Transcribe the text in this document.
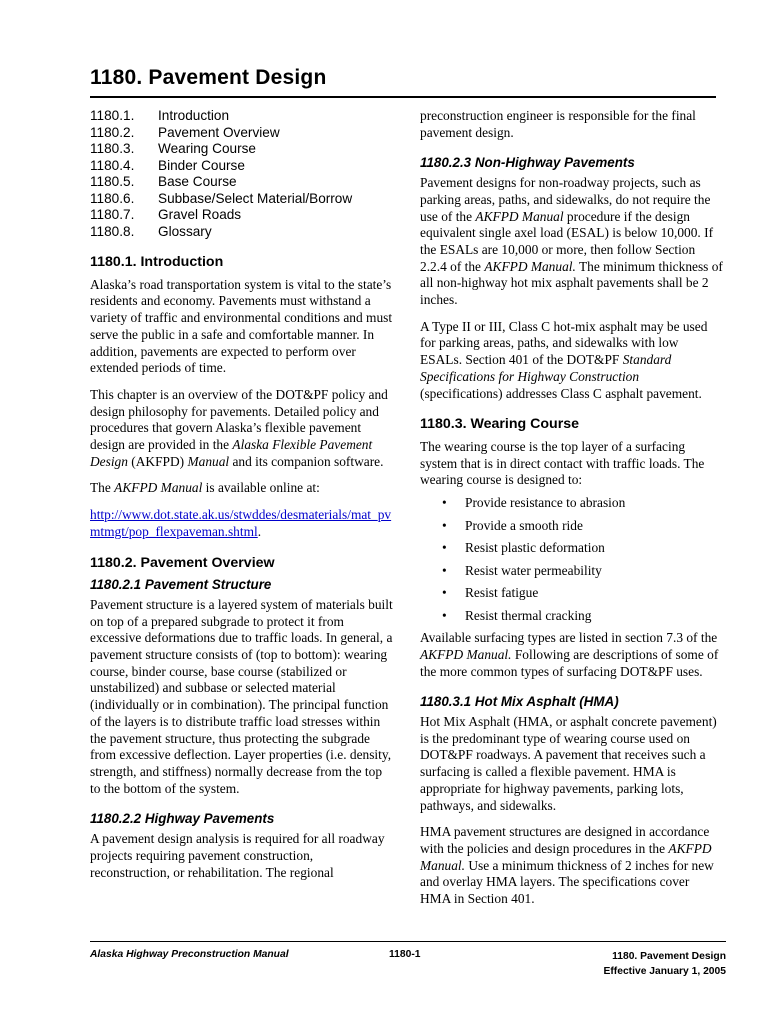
1180. Pavement Design
1180.1.	Introduction
1180.2.	Pavement Overview
1180.3.	Wearing Course
1180.4.	Binder Course
1180.5.	Base Course
1180.6.	Subbase/Select Material/Borrow
1180.7.	Gravel Roads
1180.8.	Glossary
1180.1. Introduction

Alaska’s road transportation system is vital to the state’s residents and economy. Pavements must withstand a variety of traffic and environmental conditions and must serve the public in a safe and comfortable manner. In addition, pavements are expected to perform over extended periods of time.

This chapter is an overview of the DOT&PF policy and design philosophy for pavements. Detailed policy and procedures that govern Alaska’s flexible pavement design are provided in the Alaska Flexible Pavement Design (AKFPD) Manual and its companion software.

The AKFPD Manual is available online at:

http://www.dot.state.ak.us/stwddes/desmaterials/mat_pvmtmgt/pop_flexpaveman.shtml.

1180.2. Pavement Overview
1180.2.1 Pavement Structure

Pavement structure is a layered system of materials built on top of a prepared subgrade to protect it from excessive deformations due to traffic loads. In general, a pavement structure consists of (top to bottom): wearing course, binder course, base course (stabilized or unstabilized) and subbase or selected material (individually or in combination). The principal function of the layers is to distribute traffic load stresses within the pavement structure, thus protecting the subgrade from excessive deflection. Layer properties (i.e. density, strength, and stiffness) normally decrease from the top to the bottom of the system.

1180.2.2 Highway Pavements

A pavement design analysis is required for all roadway projects requiring pavement construction, reconstruction, or rehabilitation. The regional

preconstruction engineer is responsible for the final pavement design.

1180.2.3 Non-Highway Pavements

Pavement designs for non-roadway projects, such as parking areas, paths, and sidewalks, do not require the use of the AKFPD Manual procedure if the design equivalent single axel load (ESAL) is below 10,000. If the ESALs are 10,000 or more, then follow Section 2.2.4 of the AKFPD Manual. The minimum thickness of all non-highway hot mix asphalt pavements shall be 2 inches.

A Type II or III, Class C hot-mix asphalt may be used for parking areas, paths, and sidewalks with low ESALs. Section 401 of the DOT&PF Standard Specifications for Highway Construction (specifications) addresses Class C asphalt pavement.

1180.3. Wearing Course

The wearing course is the top layer of a surfacing system that is in direct contact with traffic loads. The wearing course is designed to:

• Provide resistance to abrasion
• Provide a smooth ride
• Resist plastic deformation
• Resist water permeability
• Resist fatigue
• Resist thermal cracking

Available surfacing types are listed in section 7.3 of the AKFPD Manual. Following are descriptions of some of the more common types of surfacing DOT&PF uses.

1180.3.1 Hot Mix Asphalt (HMA)

Hot Mix Asphalt (HMA, or asphalt concrete pavement) is the predominant type of wearing course used on DOT&PF roadways. A pavement that receives such a surfacing is called a flexible pavement. HMA is appropriate for highway pavements, parking lots, pathways, and sidewalks.

HMA pavement structures are designed in accordance with the policies and design procedures in the AKFPD Manual. Use a minimum thickness of 2 inches for new and overlay HMA layers. The specifications cover HMA in Section 401.

Alaska Highway Preconstruction Manual	1180-1	1180. Pavement Design
Effective January 1, 2005
